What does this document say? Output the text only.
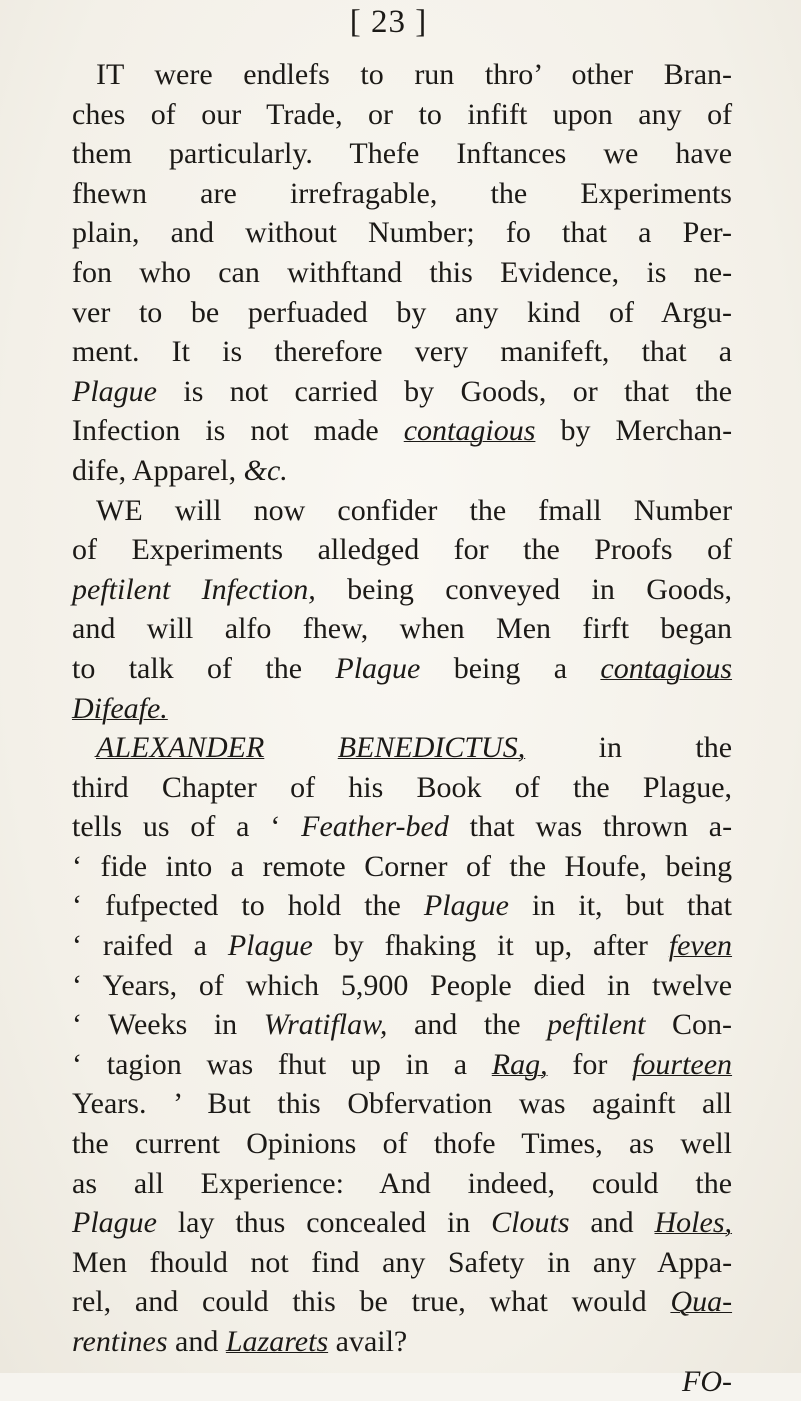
[ 23 ]
IT were endlefs to run thro’ other Bran-
ches of our Trade, or to infift upon any of
them particularly. Thefe Inftances we have
fhewn are irrefragable, the Experiments
plain, and without Number; fo that a Per-
fon who can withftand this Evidence, is ne-
ver to be perfuaded by any kind of Argu-
ment. It is therefore very manifeft, that a
Plague is not carried by Goods, or that the
Infection is not made contagious by Merchan-
dife, Apparel, &c.
WE will now confider the fmall Number
of Experiments alledged for the Proofs of
peftilent Infection, being conveyed in Goods,
and will alfo fhew, when Men firft began
to talk of the Plague being a contagious
Difeafe.
ALEXANDER BENEDICTUS, in the
third Chapter of his Book of the Plague,
tells us of a ‘ Feather-bed that was thrown a-
‘ fide into a remote Corner of the Houfe, being
‘ fufpected to hold the Plague in it, but that
‘ raifed a Plague by fhaking it up, after feven
‘ Years, of which 5,900 People died in twelve
‘ Weeks in Wratiflaw, and the peftilent Con-
‘ tagion was fhut up in a Rag, for fourteen
Years. ’ But this Obfervation was againft all
the current Opinions of thofe Times, as well
as all Experience: And indeed, could the
Plague lay thus concealed in Clouts and Holes,
Men fhould not find any Safety in any Appa-
rel, and could this be true, what would Qua-
rentines and Lazarets avail?
FO-
